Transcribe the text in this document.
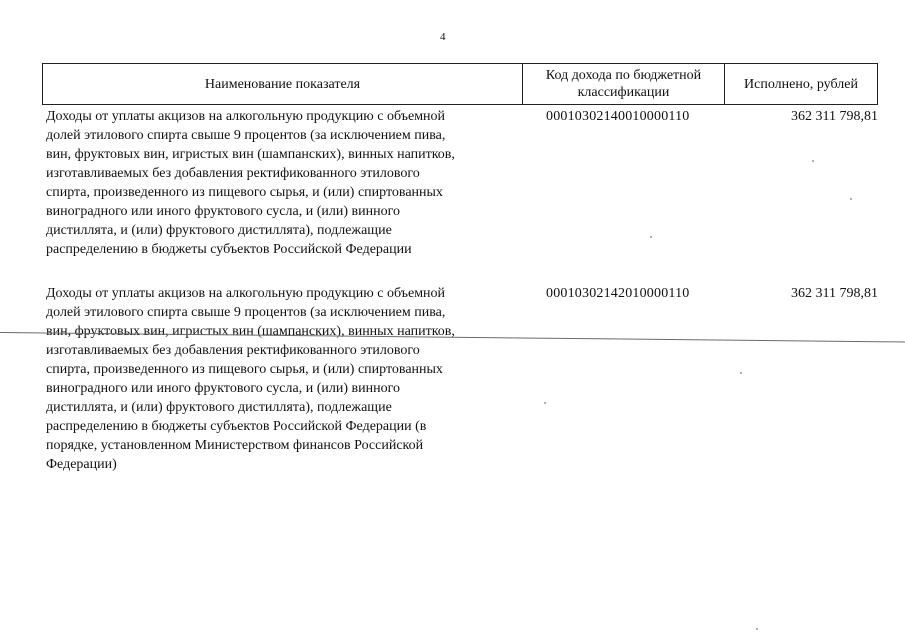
4
Наименование показателя
Код дохода по бюджетной классификации
Исполнено, рублей
Доходы от уплаты акцизов на алкогольную продукцию с объемной
долей этилового спирта свыше 9 процентов (за исключением пива,
вин, фруктовых вин, игристых вин (шампанских), винных напитков,
изготавливаемых без добавления ректификованного этилового
спирта, произведенного из пищевого сырья, и (или) спиртованных
виноградного или иного фруктового сусла, и (или) винного
дистиллята, и (или) фруктового дистиллята), подлежащие
распределению в бюджеты субъектов Российской Федерации
00010302140010000110	362 311 798,81
Доходы от уплаты акцизов на алкогольную продукцию с объемной
долей этилового спирта свыше 9 процентов (за исключением пива,
вин, фруктовых вин, игристых вин (шампанских), винных напитков,
изготавливаемых без добавления ректификованного этилового
спирта, произведенного из пищевого сырья, и (или) спиртованных
виноградного или иного фруктового сусла, и (или) винного
дистиллята, и (или) фруктового дистиллята), подлежащие
распределению в бюджеты субъектов Российской Федерации (в
порядке, установленном Министерством финансов Российской
Федерации)
00010302142010000110	362 311 798,81
